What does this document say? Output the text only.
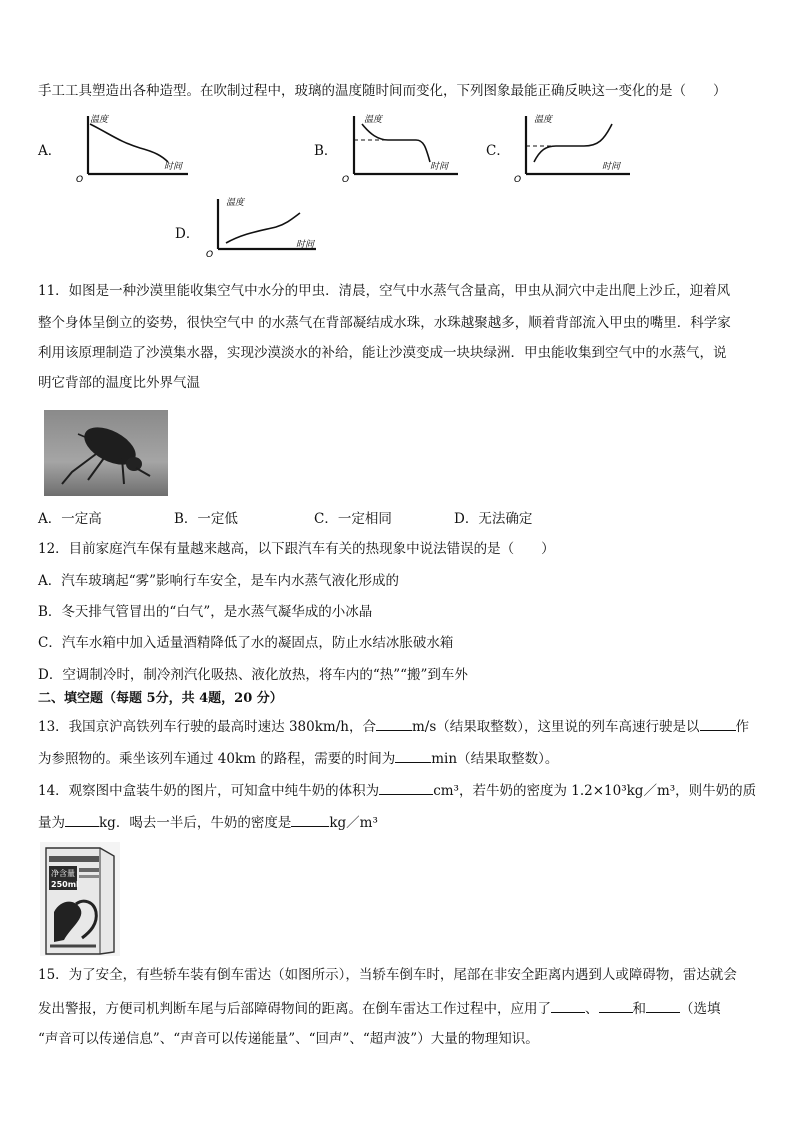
手工工具塑造出各种造型。在吹制过程中，玻璃的温度随时间而变化，下列图象最能正确反映这一变化的是（　　）
A．	B．	C．
D．
温度
时间
O
温度
时间
O
温度
时间
O
温度
时间
O
11．如图是一种沙漠里能收集空气中水分的甲虫．清晨，空气中水蒸气含量高，甲虫从洞穴中走出爬上沙丘，迎着风
整个身体呈倒立的姿势，很快空气中 的水蒸气在背部凝结成水珠，水珠越聚越多，顺着背部流入甲虫的嘴里．科学家
利用该原理制造了沙漠集水器，实现沙漠淡水的补给，能让沙漠变成一块块绿洲．甲虫能收集到空气中的水蒸气，说
明它背部的温度比外界气温
A．一定高	B．一定低	C．一定相同	D．无法确定
12．目前家庭汽车保有量越来越高，以下跟汽车有关的热现象中说法错误的是（　　）
A．汽车玻璃起“雾”影响行车安全，是车内水蒸气液化形成的
B．冬天排气管冒出的“白气”，是水蒸气凝华成的小冰晶
C．汽车水箱中加入适量酒精降低了水的凝固点，防止水结冰胀破水箱
D．空调制冷时，制冷剂汽化吸热、液化放热，将车内的“热”“搬”到车外
二、填空题（每题 5分，共 4题，20 分）
13．我国京沪高铁列车行驶的最高时速达 380km/h，合	m/s（结果取整数），这里说的列车高速行驶是以	作
为参照物的。乘坐该列车通过 40km 的路程，需要的时间为	min（结果取整数）。
14．观察图中盒装牛奶的图片，可知盒中纯牛奶的体积为	cm³，若牛奶的密度为 1.2×10³kg／m³，则牛奶的质
量为	kg．喝去一半后，牛奶的密度是	kg／m³
净含量
250ml
15．为了安全，有些轿车装有倒车雷达（如图所示），当轿车倒车时，尾部在非安全距离内遇到人或障碍物，雷达就会
发出警报，方便司机判断车尾与后部障碍物间的距离。在倒车雷达工作过程中，应用了	、	和	（选填
“声音可以传递信息”、“声音可以传递能量”、“回声”、“超声波”）大量的物理知识。
